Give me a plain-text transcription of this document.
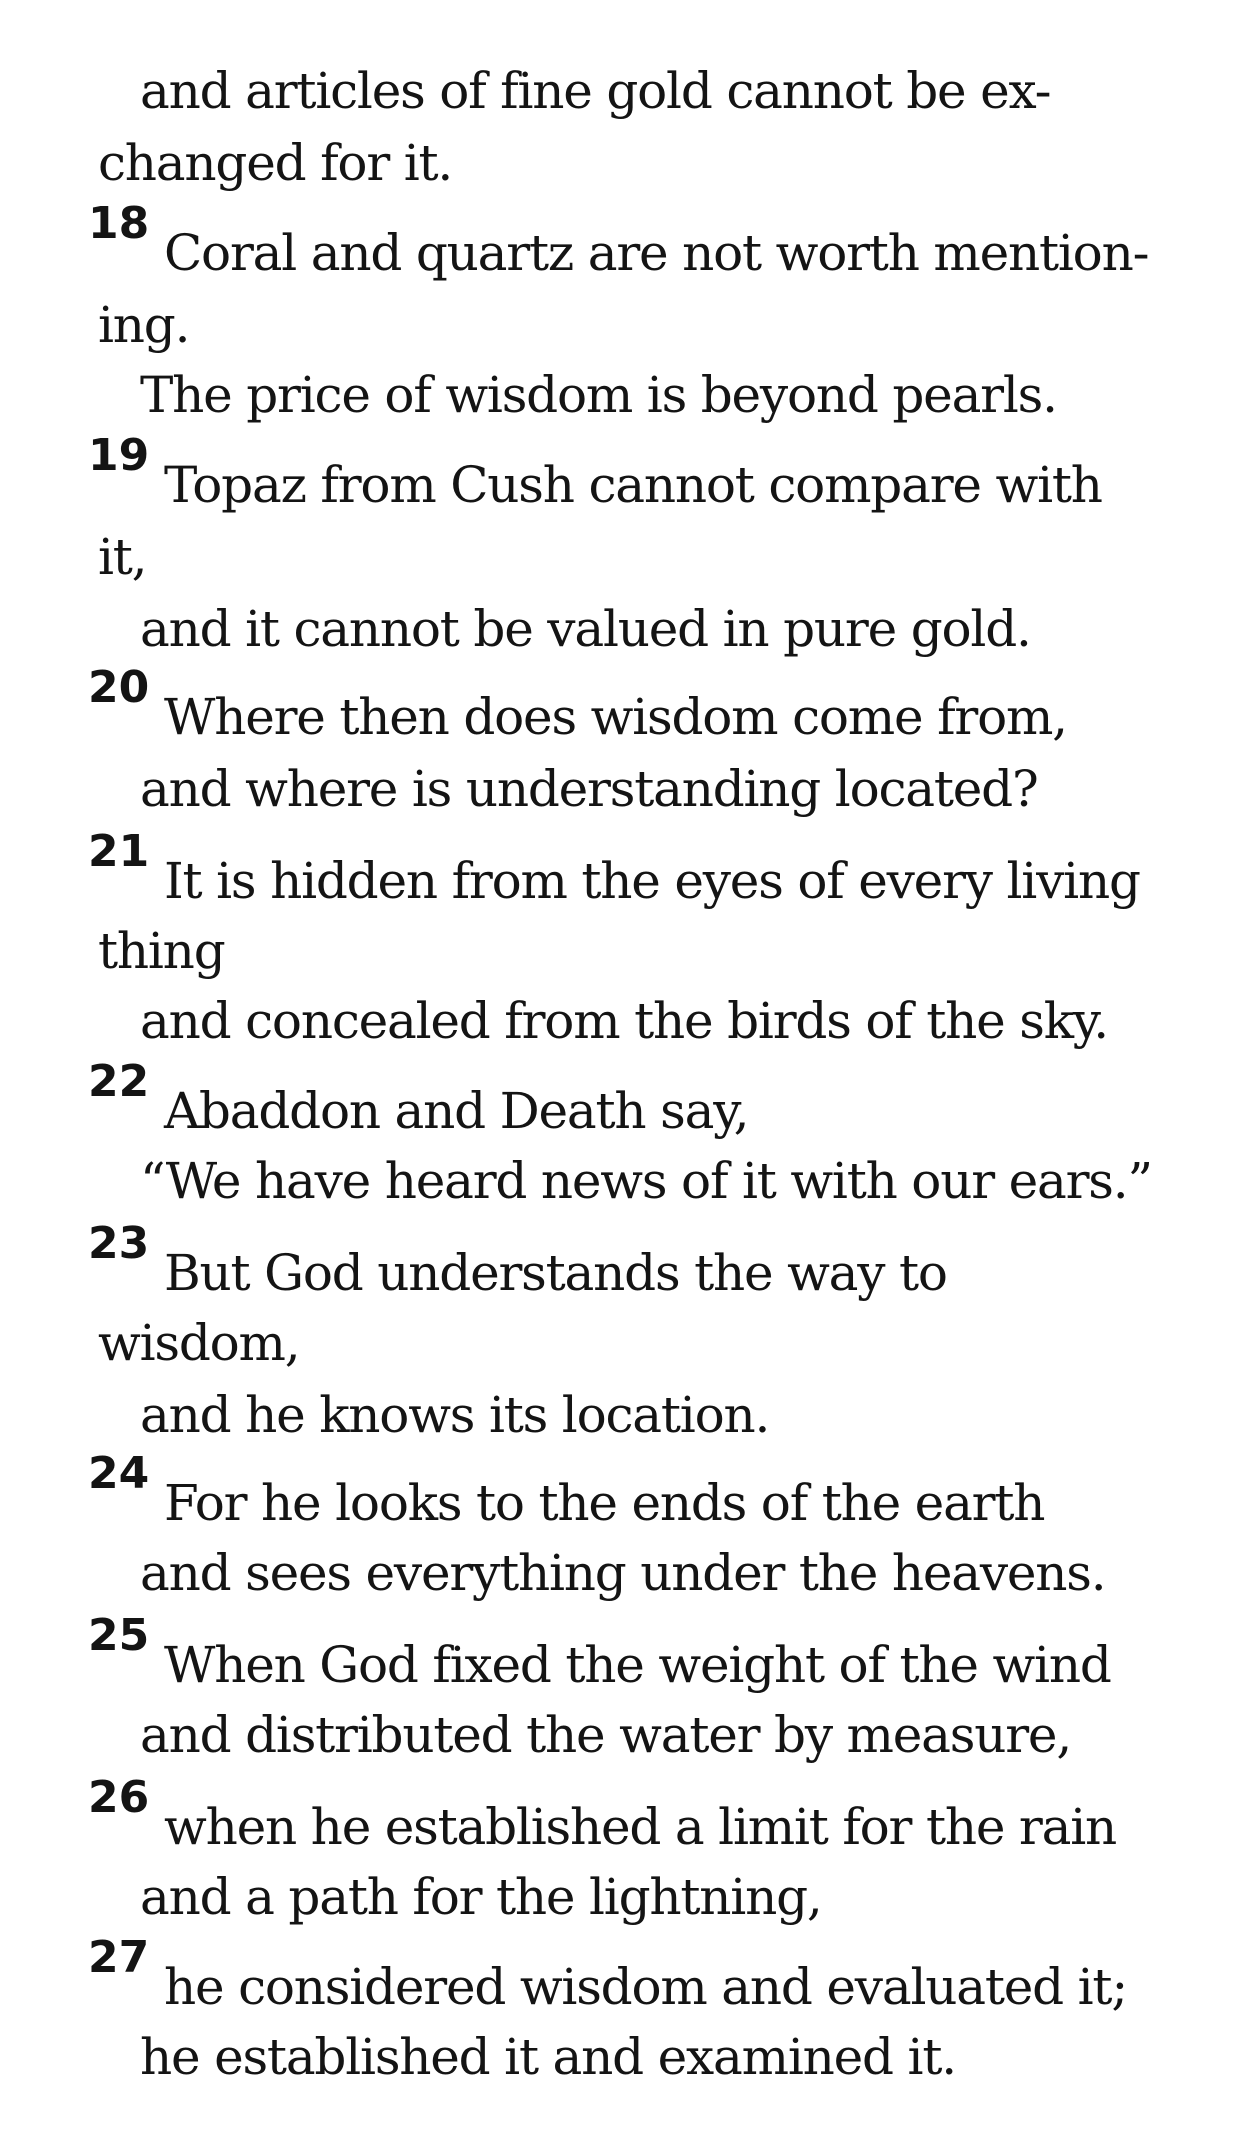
and articles of fine gold cannot be ex-
changed for it.
18
Coral and quartz are not worth mention-
ing.
The price of wisdom is beyond pearls.
19
Topaz from Cush cannot compare with
it,
and it cannot be valued in pure gold.
20
Where then does wisdom come from,
and where is understanding located?
21
It is hidden from the eyes of every living
thing
and concealed from the birds of the sky.
22
Abaddon and Death say,
“We have heard news of it with our ears.”
23
But God understands the way to
wisdom,
and he knows its location.
24
For he looks to the ends of the earth
and sees everything under the heavens.
25
When God fixed the weight of the wind
and distributed the water by measure,
26
when he established a limit for the rain
and a path for the lightning,
27
he considered wisdom and evaluated it;
he established it and examined it.
